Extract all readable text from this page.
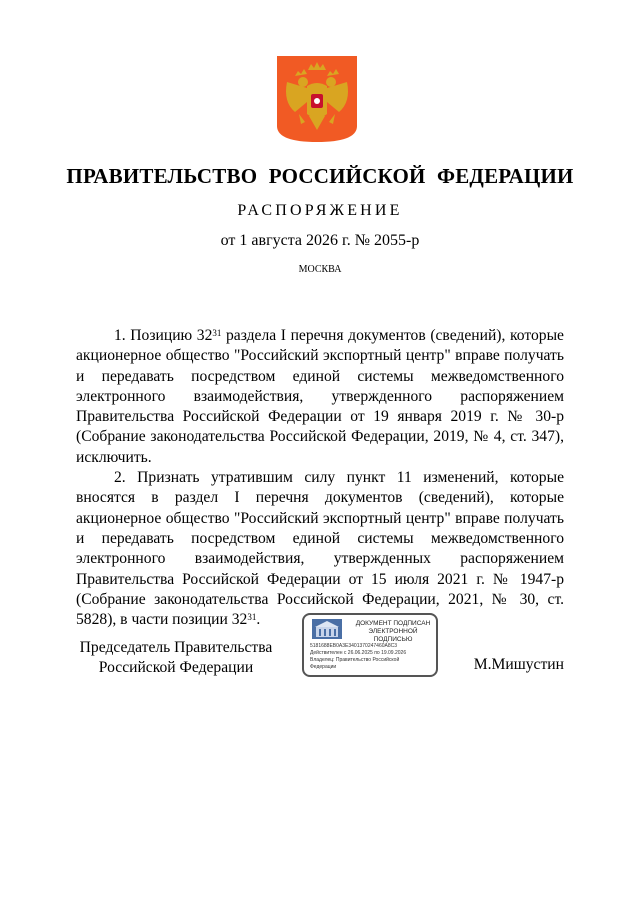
ПРАВИТЕЛЬСТВО РОССИЙСКОЙ ФЕДЕРАЦИИ
РАСПОРЯЖЕНИЕ
от 1 августа 2026 г. № 2055-р
МОСКВА

1. Позицию $32^{31}$ раздела I перечня документов (сведений), которые акционерное общество "Российский экспортный центр" вправе получать и передавать посредством единой системы межведомственного электронного взаимодействия, утвержденного распоряжением Правительства Российской Федерации от 19 января 2019 г. № 30-р (Собрание законодательства Российской Федерации, 2019, № 4, ст. 347), исключить.

2. Признать утратившим силу пункт 11 изменений, которые вносятся в раздел I перечня документов (сведений), которые акционерное общество "Российский экспортный центр" вправе получать и передавать посредством единой системы межведомственного электронного взаимодействия, утвержденных распоряжением Правительства Российской Федерации от 15 июля 2021 г. № 1947-р (Собрание законодательства Российской Федерации, 2021, № 30, ст. 5828), в части позиции $32^{31}$.

Председатель Правительства
Российской Федерации
ДОКУМЕНТ ПОДПИСАН
ЭЛЕКТРОННОЙ ПОДПИСЬЮ
5181688EB0A3E3401370247460A8C3
Действителен с 26.06.2025 по 19.09.2026
Владелец: Правительство Российской
Федерации	М.Мишустин
